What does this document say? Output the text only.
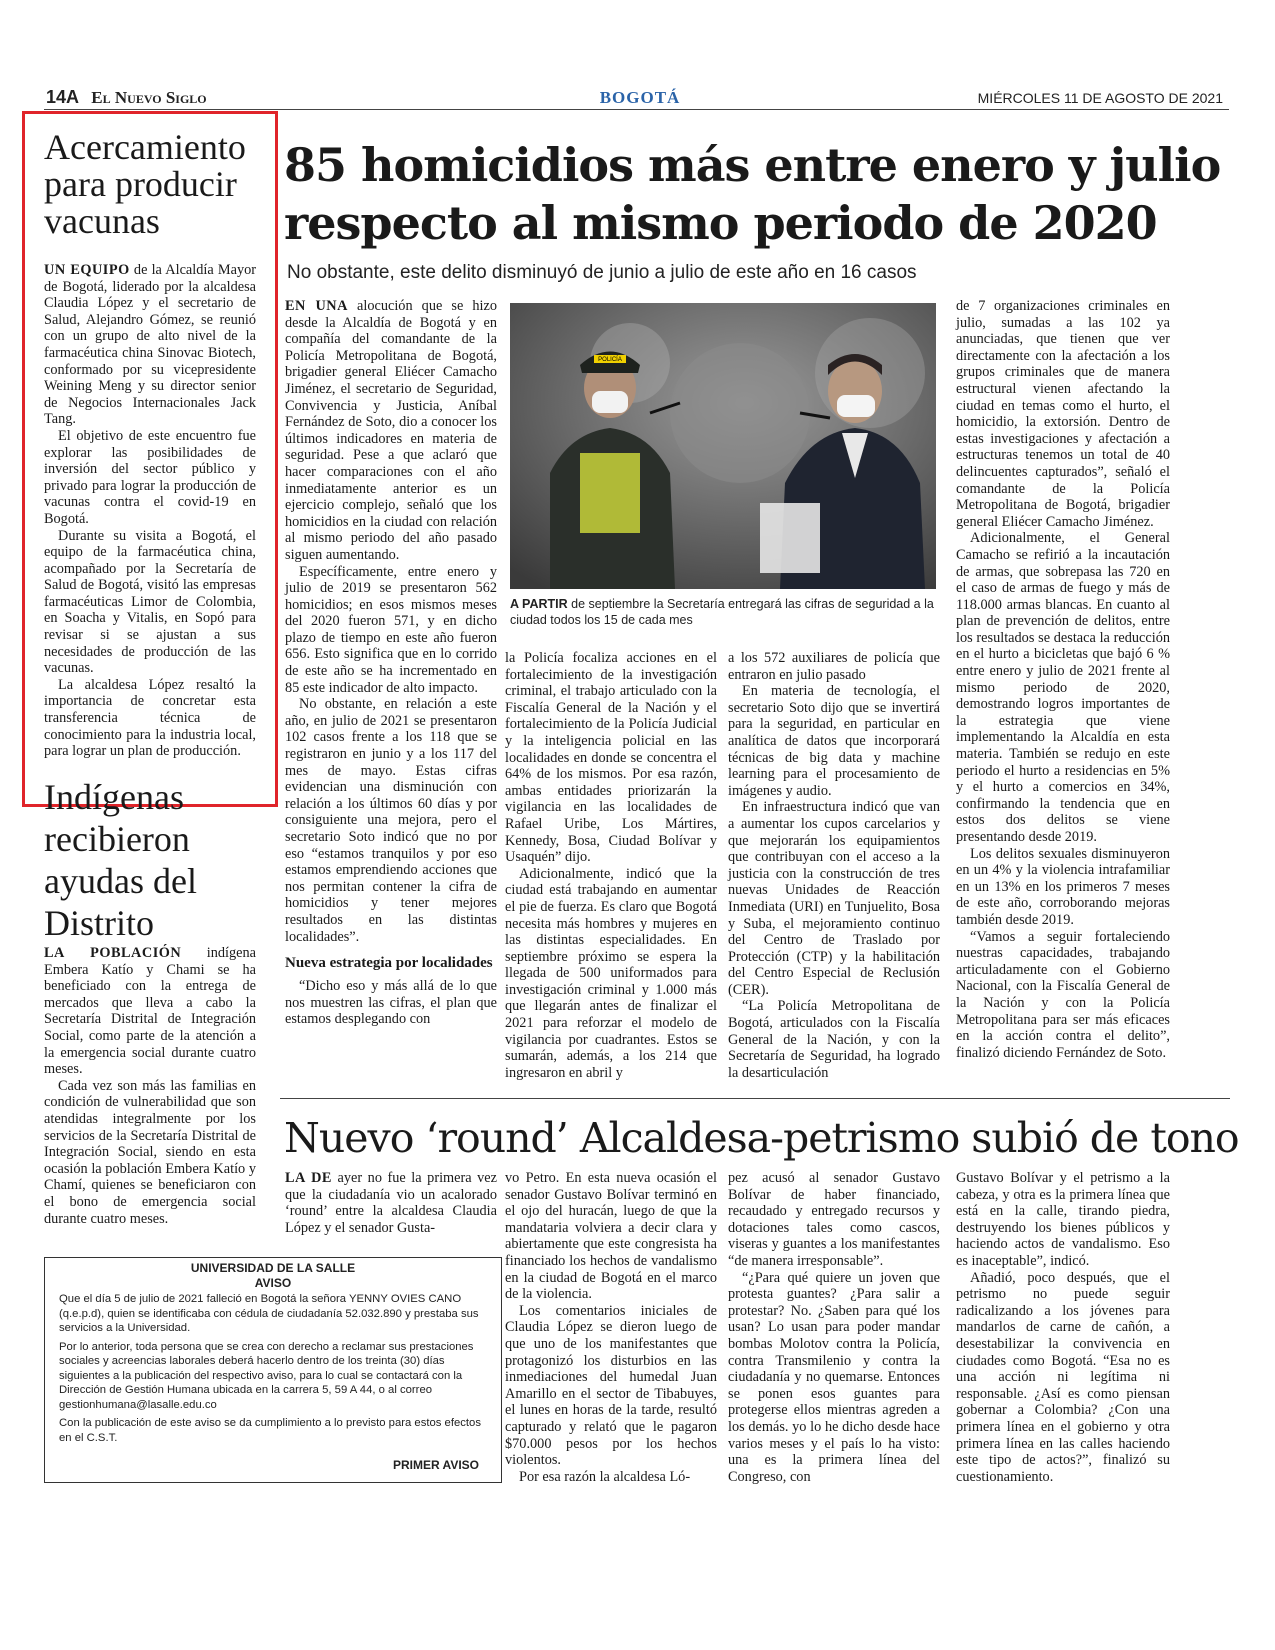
14A El Nuevo Siglo	BOGOTÁ	MIÉRCOLES 11 DE AGOSTO DE 2021
Acercamiento para producir vacunas

UN EQUIPO de la Alcaldía Mayor de Bogotá, liderado por la alcaldesa Claudia López y el secretario de Salud, Alejandro Gómez, se reunió con un grupo de alto nivel de la farmacéutica china Sinovac Biotech, conformado por su vicepresidente Weining Meng y su director senior de Negocios Internacionales Jack Tang.

El objetivo de este encuentro fue explorar las posibilidades de inversión del sector público y privado para lograr la producción de vacunas contra el covid-19 en Bogotá.

Durante su visita a Bogotá, el equipo de la farmacéutica china, acompañado por la Secretaría de Salud de Bogotá, visitó las empresas farmacéuticas Limor de Colombia, en Soacha y Vitalis, en Sopó para revisar si se ajustan a sus necesidades de producción de las vacunas.

La alcaldesa López resaltó la importancia de concretar esta transferencia técnica de conocimiento para la industria local, para lograr un plan de producción.

Indígenas recibieron ayudas del Distrito

LA POBLACIÓN indígena Embera Katío y Chami se ha beneficiado con la entrega de mercados que lleva a cabo la Secretaría Distrital de Integración Social, como parte de la atención a la emergencia social durante cuatro meses.

Cada vez son más las familias en condición de vulnerabilidad que son atendidas integralmente por los servicios de la Secretaría Distrital de Integración Social, siendo en esta ocasión la población Embera Katío y Chamí, quienes se beneficiaron con el bono de emergencia social durante cuatro meses.

85 homicidios más entre enero y julio respecto al mismo periodo de 2020
No obstante, este delito disminuyó de junio a julio de este año en 16 casos
POLICÍA
A PARTIR de septiembre la Secretaría entregará las cifras de seguridad a la ciudad todos los 15 de cada mes

EN UNA alocución que se hizo desde la Alcaldía de Bogotá y en compañía del comandante de la Policía Metropolitana de Bogotá, brigadier general Eliécer Camacho Jiménez, el secretario de Seguridad, Convivencia y Justicia, Aníbal Fernández de Soto, dio a conocer los últimos indicadores en materia de seguridad. Pese a que aclaró que hacer comparaciones con el año inmediatamente anterior es un ejercicio complejo, señaló que los homicidios en la ciudad con relación al mismo periodo del año pasado siguen aumentando.

Específicamente, entre enero y julio de 2019 se presentaron 562 homicidios; en esos mismos meses del 2020 fueron 571, y en dicho plazo de tiempo en este año fueron 656. Esto significa que en lo corrido de este año se ha incrementado en 85 este indicador de alto impacto.

No obstante, en relación a este año, en julio de 2021 se presentaron 102 casos frente a los 118 que se registraron en junio y a los 117 del mes de mayo. Estas cifras evidencian una disminución con relación a los últimos 60 días y por consiguiente una mejora, pero el secretario Soto indicó que no por eso “estamos tranquilos y por eso estamos emprendiendo acciones que nos permitan contener la cifra de homicidios y tener mejores resultados en las distintas localidades”.

Nueva estrategia por localidades

“Dicho eso y más allá de lo que nos muestren las cifras, el plan que estamos desplegando con

la Policía focaliza acciones en el fortalecimiento de la investigación criminal, el trabajo articulado con la Fiscalía General de la Nación y el fortalecimiento de la Policía Judicial y la inteligencia policial en las localidades en donde se concentra el 64% de los mismos. Por esa razón, ambas entidades priorizarán la vigilancia en las localidades de Rafael Uribe, Los Mártires, Kennedy, Bosa, Ciudad Bolívar y Usaquén” dijo.

Adicionalmente, indicó que la ciudad está trabajando en aumentar el pie de fuerza. Es claro que Bogotá necesita más hombres y mujeres en las distintas especialidades. En septiembre próximo se espera la llegada de 500 uniformados para investigación criminal y 1.000 más que llegarán antes de finalizar el 2021 para reforzar el modelo de vigilancia por cuadrantes. Estos se sumarán, además, a los 214 que ingresaron en abril y

a los 572 auxiliares de policía que entraron en julio pasado

En materia de tecnología, el secretario Soto dijo que se invertirá para la seguridad, en particular en analítica de datos que incorporará técnicas de big data y machine learning para el procesamiento de imágenes y audio.

En infraestructura indicó que van a aumentar los cupos carcelarios y que mejorarán los equipamientos que contribuyan con el acceso a la justicia con la construcción de tres nuevas Unidades de Reacción Inmediata (URI) en Tunjuelito, Bosa y Suba, el mejoramiento continuo del Centro de Traslado por Protección (CTP) y la habilitación del Centro Especial de Reclusión (CER).

“La Policía Metropolitana de Bogotá, articulados con la Fiscalía General de la Nación, y con la Secretaría de Seguridad, ha logrado la desarticulación

de 7 organizaciones criminales en julio, sumadas a las 102 ya anunciadas, que tienen que ver directamente con la afectación a los grupos criminales que de manera estructural vienen afectando la ciudad en temas como el hurto, el homicidio, la extorsión. Dentro de estas investigaciones y afectación a estructuras tenemos un total de 40 delincuentes capturados”, señaló el comandante de la Policía Metropolitana de Bogotá, brigadier general Eliécer Camacho Jiménez.

Adicionalmente, el General Camacho se refirió a la incautación de armas, que sobrepasa las 720 en el caso de armas de fuego y más de 118.000 armas blancas. En cuanto al plan de prevención de delitos, entre los resultados se destaca la reducción en el hurto a bicicletas que bajó 6 % entre enero y julio de 2021 frente al mismo periodo de 2020, demostrando logros importantes de la estrategia que viene implementando la Alcaldía en esta materia. También se redujo en este periodo el hurto a residencias en 5% y el hurto a comercios en 34%, confirmando la tendencia que en estos dos delitos se viene presentando desde 2019.

Los delitos sexuales disminuyeron en un 4% y la violencia intrafamiliar en un 13% en los primeros 7 meses de este año, corroborando mejoras también desde 2019.

“Vamos a seguir fortaleciendo nuestras capacidades, trabajando articuladamente con el Gobierno Nacional, con la Fiscalía General de la Nación y con la Policía Metropolitana para ser más eficaces en la acción contra el delito”, finalizó diciendo Fernández de Soto.

Nuevo ‘round’ Alcaldesa-petrismo subió de tono

LA DE ayer no fue la primera vez que la ciudadanía vio un acalorado ‘round’ entre la alcaldesa Claudia López y el senador Gusta-

vo Petro. En esta nueva ocasión el senador Gustavo Bolívar terminó en el ojo del huracán, luego de que la mandataria volviera a decir clara y abiertamente que este congresista ha financiado los hechos de vandalismo en la ciudad de Bogotá en el marco de la violencia.

Los comentarios iniciales de Claudia López se dieron luego de que uno de los manifestantes que protagonizó los disturbios en las inmediaciones del humedal Juan Amarillo en el sector de Tibabuyes, el lunes en horas de la tarde, resultó capturado y relató que le pagaron $70.000 pesos por los hechos violentos.

Por esa razón la alcaldesa Ló-

pez acusó al senador Gustavo Bolívar de haber financiado, recaudado y entregado recursos y dotaciones tales como cascos, viseras y guantes a los manifestantes “de manera irresponsable”.

“¿Para qué quiere un joven que protesta guantes? ¿Para salir a protestar? No. ¿Saben para qué los usan? Lo usan para poder mandar bombas Molotov contra la Policía, contra Transmilenio y contra la ciudadanía y no quemarse. Entonces se ponen esos guantes para protegerse ellos mientras agreden a los demás. yo lo he dicho desde hace varios meses y el país lo ha visto: una es la primera línea del Congreso, con

Gustavo Bolívar y el petrismo a la cabeza, y otra es la primera línea que está en la calle, tirando piedra, destruyendo los bienes públicos y haciendo actos de vandalismo. Eso es inaceptable”, indicó.

Añadió, poco después, que el petrismo no puede seguir radicalizando a los jóvenes para mandarlos de carne de cañón, a desestabilizar la convivencia en ciudades como Bogotá. “Esa no es una acción ni legítima ni responsable. ¿Así es como piensan gobernar a Colombia? ¿Con una primera línea en el gobierno y otra primera línea en las calles haciendo este tipo de actos?”, finalizó su cuestionamiento.

UNIVERSIDAD DE LA SALLE
AVISO

Que el día 5 de julio de 2021 falleció en Bogotá la señora YENNY OVIES CANO (q.e.p.d), quien se identificaba con cédula de ciudadanía 52.032.890 y prestaba sus servicios a la Universidad.

Por lo anterior, toda persona que se crea con derecho a reclamar sus prestaciones sociales y acreencias laborales deberá hacerlo dentro de los treinta (30) días siguientes a la publicación del respectivo aviso, para lo cual se contactará con la Dirección de Gestión Humana ubicada en la carrera 5, 59 A 44, o al correo gestionhumana@lasalle.edu.co

Con la publicación de este aviso se da cumplimiento a lo previsto para estos efectos en el C.S.T.

PRIMER AVISO
